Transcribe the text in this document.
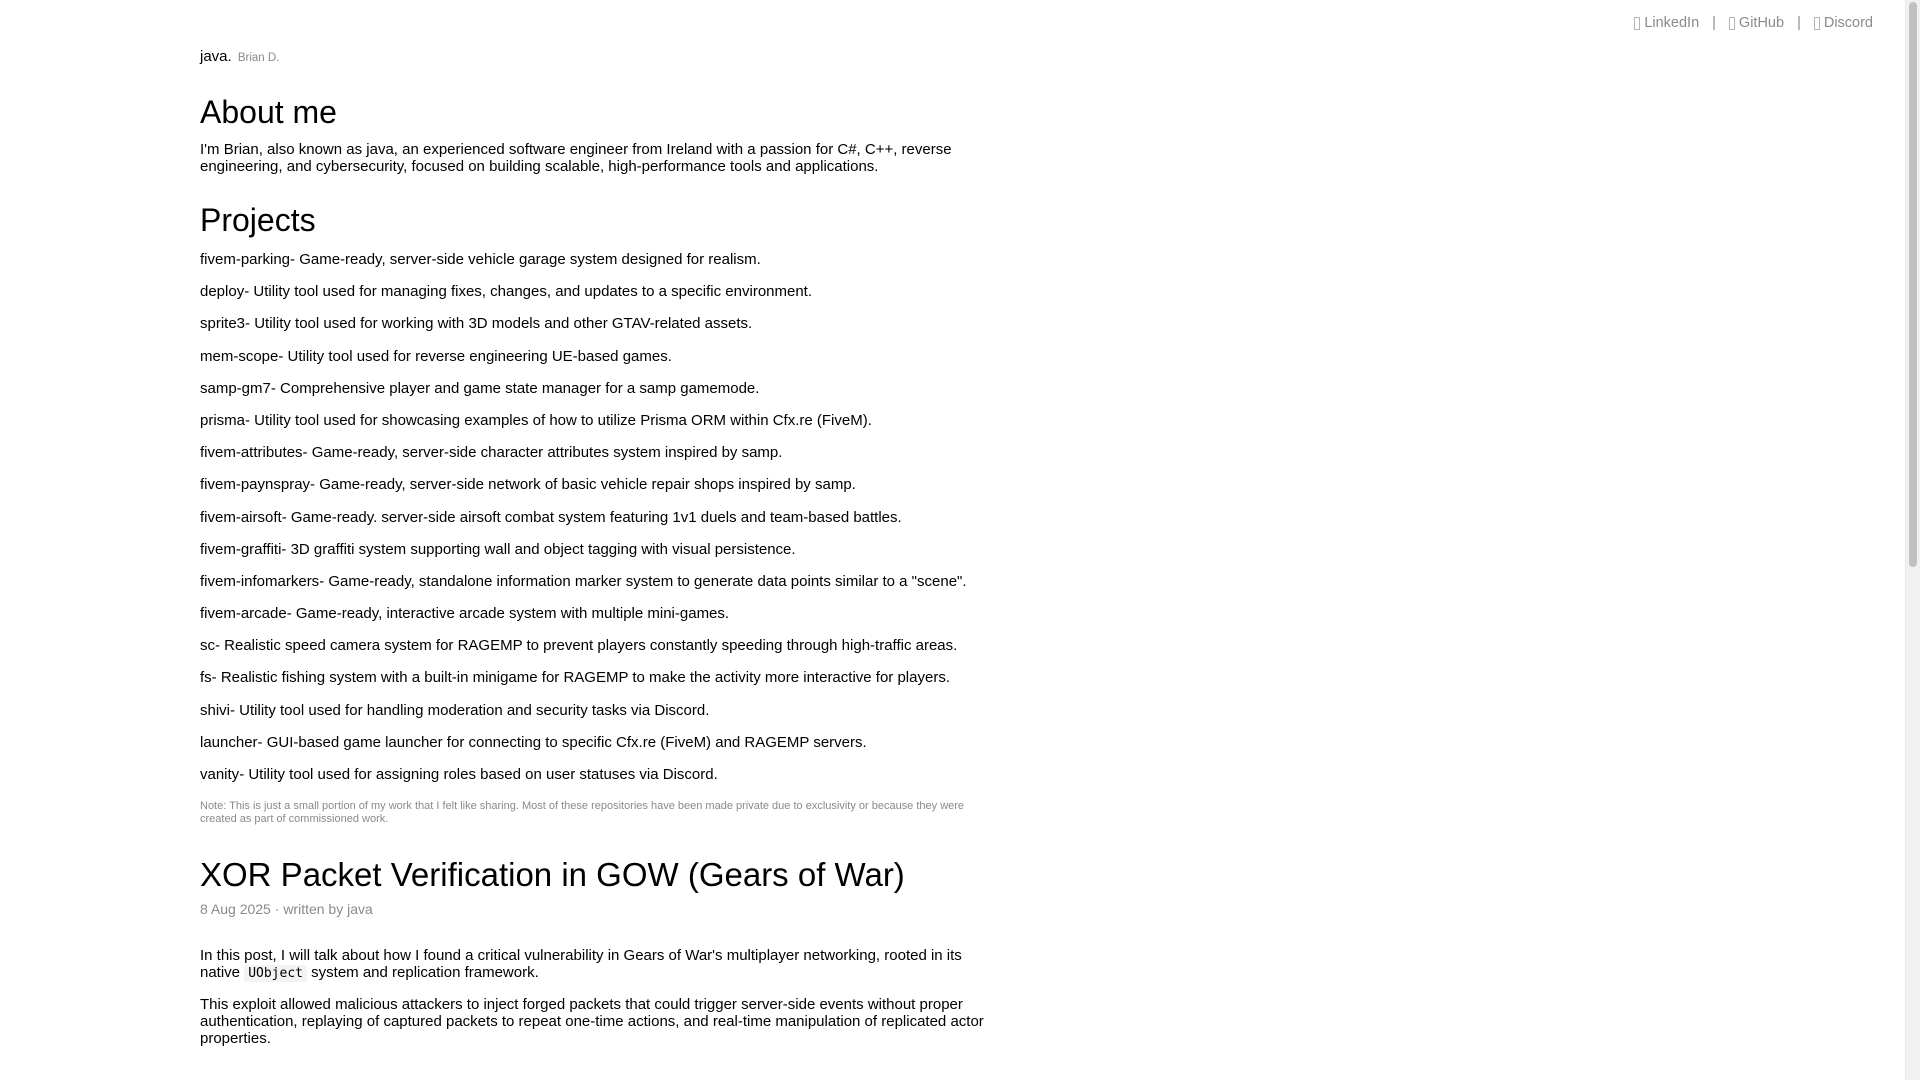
LinkedIn | GitHub | Discord
java. Brian D.
About me

I'm Brian, also known as java, an experienced software engineer from Ireland with a passion for C#, C++, reverse engineering, and cybersecurity, focused on building scalable, high-performance tools and applications.

Projects
fivem-parking- Game-ready, server-side vehicle garage system designed for realism.
deploy- Utility tool used for managing fixes, changes, and updates to a specific environment.
sprite3- Utility tool used for working with 3D models and other GTAV-related assets.
mem-scope- Utility tool used for reverse engineering UE-based games.
samp-gm7- Comprehensive player and game state manager for a samp gamemode.
prisma- Utility tool used for showcasing examples of how to utilize Prisma ORM within Cfx.re (FiveM).
fivem-attributes- Game-ready, server-side character attributes system inspired by samp.
fivem-paynspray- Game-ready, server-side network of basic vehicle repair shops inspired by samp.
fivem-airsoft- Game-ready. server-side airsoft combat system featuring 1v1 duels and team-based battles.
fivem-graffiti- 3D graffiti system supporting wall and object tagging with visual persistence.
fivem-infomarkers- Game-ready, standalone information marker system to generate data points similar to a "scene".
fivem-arcade- Game-ready, interactive arcade system with multiple mini-games.
sc- Realistic speed camera system for RAGEMP to prevent players constantly speeding through high-traffic areas.
fs- Realistic fishing system with a built-in minigame for RAGEMP to make the activity more interactive for players.
shivi- Utility tool used for handling moderation and security tasks via Discord.
launcher- GUI-based game launcher for connecting to specific Cfx.re (FiveM) and RAGEMP servers.
vanity- Utility tool used for assigning roles based on user statuses via Discord.

Note: This is just a small portion of my work that I felt like sharing. Most of these repositories have been made private due to exclusivity or because they were created as part of commissioned work.

XOR Packet Verification in GOW (Gears of War)
8 Aug 2025 · written by java

In this post, I will talk about how I found a critical vulnerability in Gears of War's multiplayer networking, rooted in its native UObject system and replication framework.

This exploit allowed malicious attackers to inject forged packets that could trigger server-side events without proper authentication, replaying of captured packets to repeat one-time actions, and real-time manipulation of replicated actor properties.
